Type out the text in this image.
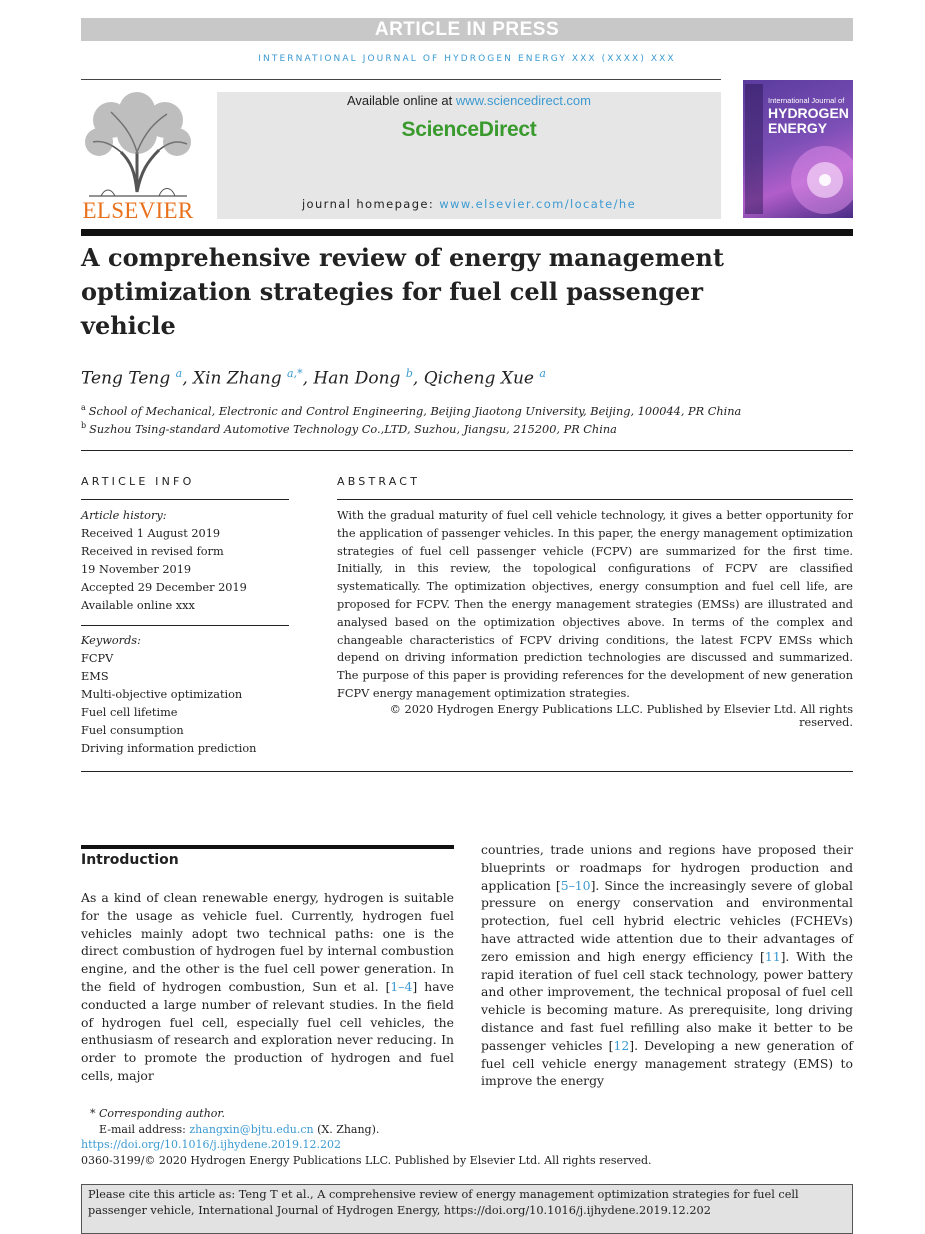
ARTICLE IN PRESS
INTERNATIONAL JOURNAL OF HYDROGEN ENERGY XXX (XXXX) XXX
ELSEVIER
Available online at www.sciencedirect.com
ScienceDirect
journal homepage: www.elsevier.com/locate/he
International Journal of
HYDROGEN ENERGY
A comprehensive review of energy management optimization strategies for fuel cell passenger vehicle
Teng Teng $^a$, Xin Zhang $^{a,*}$, Han Dong $^b$, Qicheng Xue $^a$
$^a$ School of Mechanical, Electronic and Control Engineering, Beijing Jiaotong University, Beijing, 100044, PR China
$^b$ Suzhou Tsing-standard Automotive Technology Co.,LTD, Suzhou, Jiangsu, 215200, PR China
ARTICLE INFO
Article history:
Received 1 August 2019
Received in revised form
19 November 2019
Accepted 29 December 2019
Available online xxx
Keywords:
FCPV
EMS
Multi-objective optimization
Fuel cell lifetime
Fuel consumption
Driving information prediction
ABSTRACT
With the gradual maturity of fuel cell vehicle technology, it gives a better opportunity for the application of passenger vehicles. In this paper, the energy management optimization strategies of fuel cell passenger vehicle (FCPV) are summarized for the first time. Initially, in this review, the topological configurations of FCPV are classified systematically. The optimization objectives, energy consumption and fuel cell life, are proposed for FCPV. Then the energy management strategies (EMSs) are illustrated and analysed based on the optimization objectives above. In terms of the complex and changeable characteristics of FCPV driving conditions, the latest FCPV EMSs which depend on driving information prediction technologies are discussed and summarized. The purpose of this paper is providing references for the development of new generation FCPV energy management optimization strategies.
© 2020 Hydrogen Energy Publications LLC. Published by Elsevier Ltd. All rights reserved.
Introduction
As a kind of clean renewable energy, hydrogen is suitable for the usage as vehicle fuel. Currently, hydrogen fuel vehicles mainly adopt two technical paths: one is the direct combustion of hydrogen fuel by internal combustion engine, and the other is the fuel cell power generation. In the field of hydrogen combustion, Sun et al. [1–4] have conducted a large number of relevant studies. In the field of hydrogen fuel cell, especially fuel cell vehicles, the enthusiasm of research and exploration never reducing. In order to promote the production of hydrogen and fuel cells, major
countries, trade unions and regions have proposed their blueprints or roadmaps for hydrogen production and application [5–10]. Since the increasingly severe of global pressure on energy conservation and environmental protection, fuel cell hybrid electric vehicles (FCHEVs) have attracted wide attention due to their advantages of zero emission and high energy efficiency [11]. With the rapid iteration of fuel cell stack technology, power battery and other improvement, the technical proposal of fuel cell vehicle is becoming mature. As prerequisite, long driving distance and fast fuel refilling also make it better to be passenger vehicles [12]. Developing a new generation of fuel cell vehicle energy management strategy (EMS) to improve the energy
* Corresponding author.
E-mail address: zhangxin@bjtu.edu.cn (X. Zhang).
https://doi.org/10.1016/j.ijhydene.2019.12.202
0360-3199/© 2020 Hydrogen Energy Publications LLC. Published by Elsevier Ltd. All rights reserved.
Please cite this article as: Teng T et al., A comprehensive review of energy management optimization strategies for fuel cell passenger vehicle, International Journal of Hydrogen Energy, https://doi.org/10.1016/j.ijhydene.2019.12.202
